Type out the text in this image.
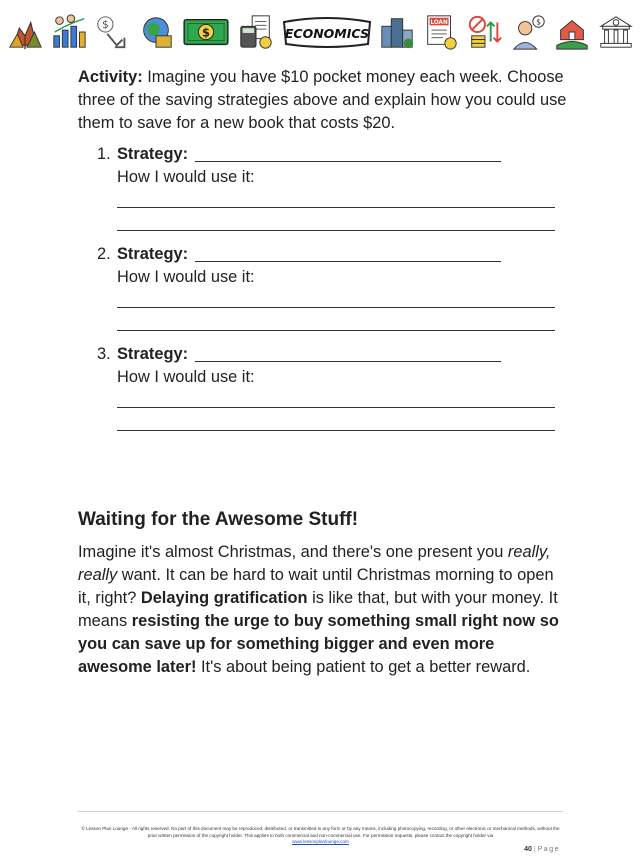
$
$	ECONOMICS
LOAN	$

Activity: Imagine you have $10 pocket money each week. Choose three of the saving strategies above and explain how you could use them to save for a new book that costs $20.

1. Strategy:
How I would use it:
2. Strategy:
How I would use it:
3. Strategy:
How I would use it:
Waiting for the Awesome Stuff!

Imagine it's almost Christmas, and there's one present you really, really want. It can be hard to wait until Christmas morning to open it, right? Delaying gratification is like that, but with your money. It means resisting the urge to buy something small right now so you can save up for something bigger and even more awesome later! It's about being patient to get a better reward.

© Lesson Plan Lounge - All rights reserved. No part of this document may be reproduced, distributed, or transmitted in any form or by any means, including photocopying, recording, or other electronic or mechanical methods, without the prior written permission of the copyright holder. This applies to both commercial and non-commercial use. For permission requests, please contact the copyright holder via
www.lessonplanlounge.com

40 | Page
